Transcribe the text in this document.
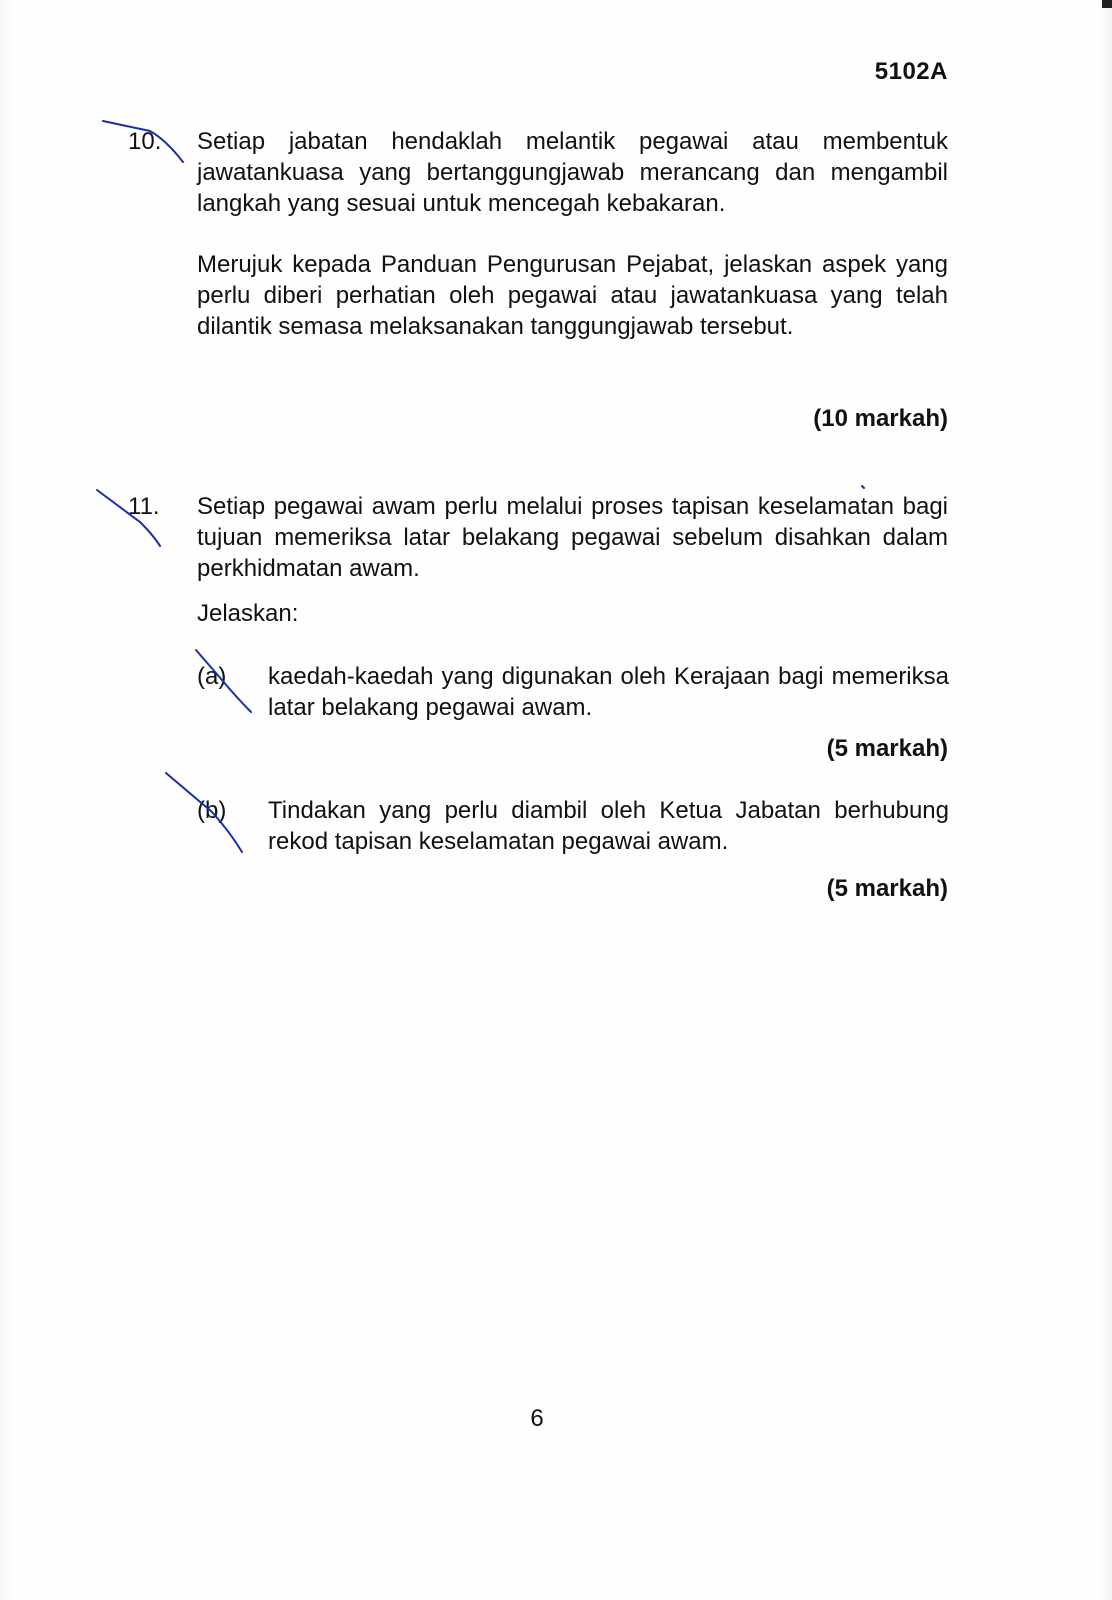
5102A
10. Setiap jabatan hendaklah melantik pegawai atau membentuk jawatankuasa yang bertanggungjawab merancang dan mengambil langkah yang sesuai untuk mencegah kebakaran.
Merujuk kepada Panduan Pengurusan Pejabat, jelaskan aspek yang perlu diberi perhatian oleh pegawai atau jawatankuasa yang telah dilantik semasa melaksanakan tanggungjawab tersebut.
(10 markah)
11. Setiap pegawai awam perlu melalui proses tapisan keselamatan bagi tujuan memeriksa latar belakang pegawai sebelum disahkan dalam perkhidmatan awam.
Jelaskan:
(a) kaedah-kaedah yang digunakan oleh Kerajaan bagi memeriksa latar belakang pegawai awam.
(5 markah)
(b) Tindakan yang perlu diambil oleh Ketua Jabatan berhubung rekod tapisan keselamatan pegawai awam.
(5 markah)
6
